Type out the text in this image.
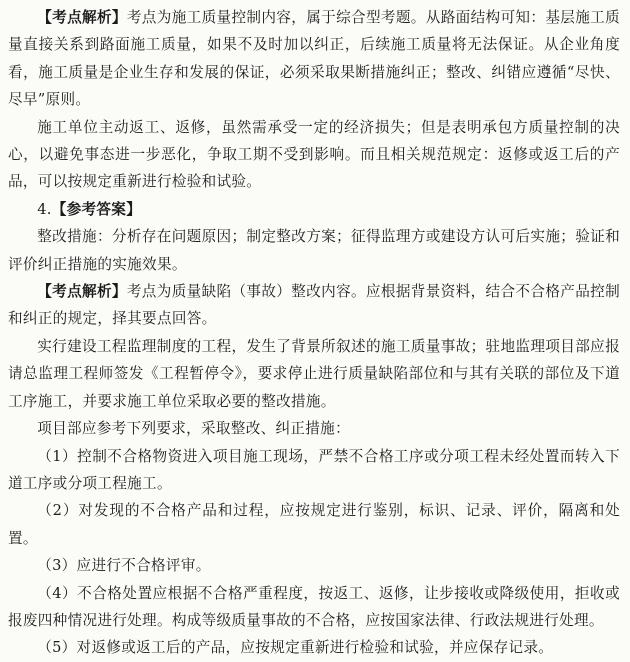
【考点解析】考点为施工质量控制内容，属于综合型考题。从路面结构可知：基层施工质量直接关系到路面施工质量，如果不及时加以纠正，后续施工质量将无法保证。从企业角度看，施工质量是企业生存和发展的保证，必须采取果断措施纠正；整改、纠错应遵循“尽快、尽早”原则。

施工单位主动返工、返修，虽然需承受一定的经济损失；但是表明承包方质量控制的决心，以避免事态进一步恶化，争取工期不受到影响。而且相关规范规定：返修或返工后的产品，可以按规定重新进行检验和试验。

4.【参考答案】

整改措施：分析存在问题原因；制定整改方案；征得监理方或建设方认可后实施；验证和评价纠正措施的实施效果。

【考点解析】考点为质量缺陷（事故）整改内容。应根据背景资料，结合不合格产品控制和纠正的规定，择其要点回答。

实行建设工程监理制度的工程，发生了背景所叙述的施工质量事故；驻地监理项目部应报请总监理工程师签发《工程暂停令》，要求停止进行质量缺陷部位和与其有关联的部位及下道工序施工，并要求施工单位采取必要的整改措施。

项目部应参考下列要求，采取整改、纠正措施：

（1）控制不合格物资进入项目施工现场，严禁不合格工序或分项工程未经处置而转入下道工序或分项工程施工。

（2）对发现的不合格产品和过程，应按规定进行鉴别，标识、记录、评价，隔离和处置。

（3）应进行不合格评审。

（4）不合格处置应根据不合格严重程度，按返工、返修，让步接收或降级使用，拒收或报废四种情况进行处理。构成等级质量事故的不合格，应按国家法律、行政法规进行处理。

（5）对返修或返工后的产品，应按规定重新进行检验和试验，并应保存记录。
